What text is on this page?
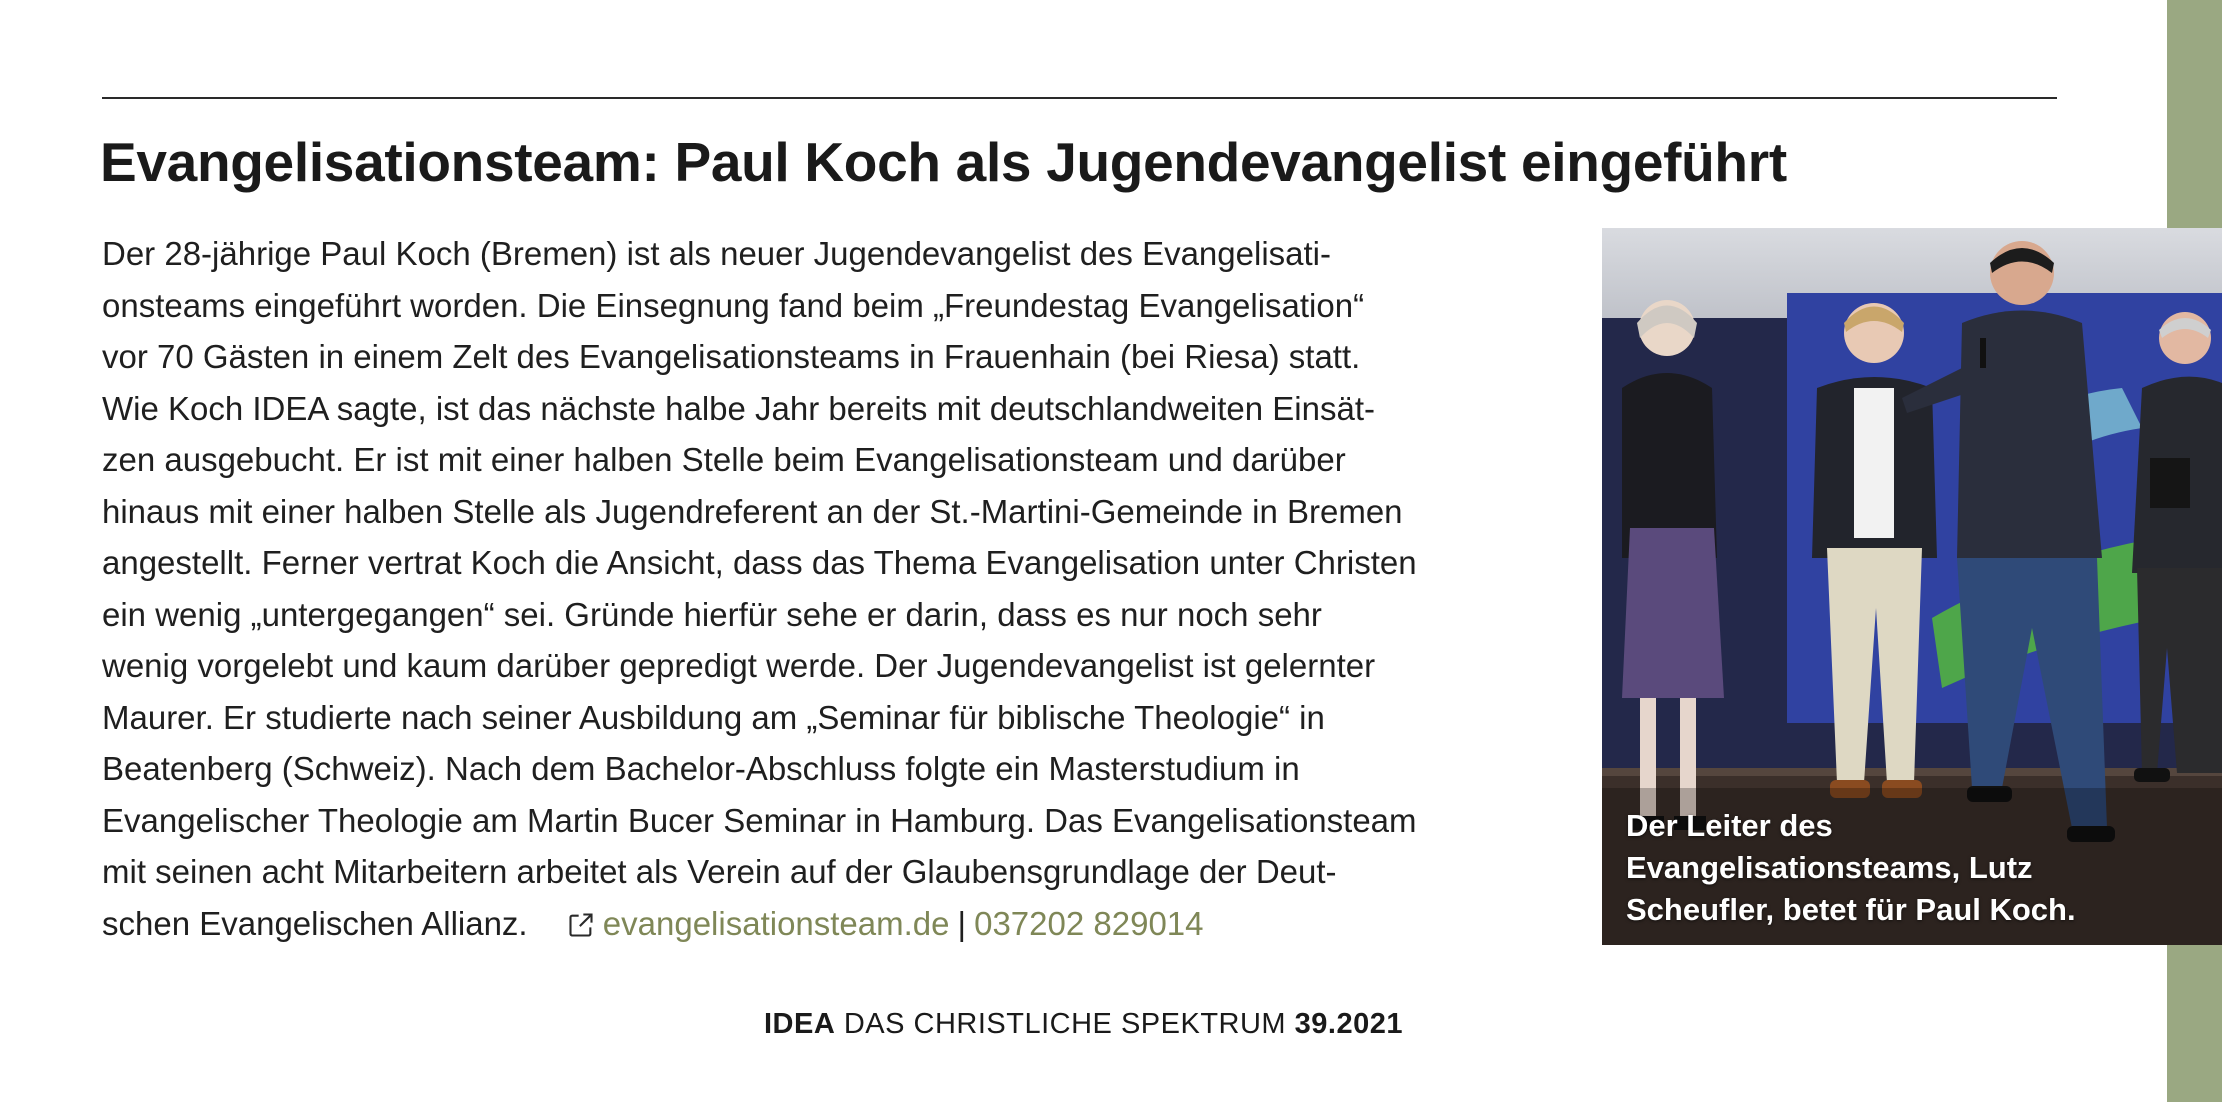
Evangelisationsteam: Paul Koch als Jugendevangelist eingeführt
Der 28-jährige Paul Koch (Bremen) ist als neuer Jugendevangelist des Evangelisati-
onsteams eingeführt worden. Die Einsegnung fand beim „Freundestag Evangelisation“
vor 70 Gästen in einem Zelt des Evangelisationsteams in Frauenhain (bei Riesa) statt.
Wie Koch IDEA sagte, ist das nächste halbe Jahr bereits mit deutschlandweiten Einsät-
zen ausgebucht. Er ist mit einer halben Stelle beim Evangelisationsteam und darüber
hinaus mit einer halben Stelle als Jugendreferent an der St.-Martini-Gemeinde in Bremen
angestellt. Ferner vertrat Koch die Ansicht, dass das Thema Evangelisation unter Christen
ein wenig „untergegangen“ sei. Gründe hierfür sehe er darin, dass es nur noch sehr
wenig vorgelebt und kaum darüber gepredigt werde. Der Jugendevangelist ist gelernter
Maurer. Er studierte nach seiner Ausbildung am „Seminar für biblische Theologie“ in
Beatenberg (Schweiz). Nach dem Bachelor-Abschluss folgte ein Masterstudium in
Evangelischer Theologie am Martin Bucer Seminar in Hamburg. Das Evangelisationsteam
mit seinen acht Mitarbeitern arbeitet als Verein auf der Glaubensgrundlage der Deut-
schen Evangelischen Allianz. evangelisationsteam.de | 037202 829014
Der Leiter des
Evangelisationsteams, Lutz
Scheufler, betet für Paul Koch.
IDEA DAS CHRISTLICHE SPEKTRUM 39.2021
